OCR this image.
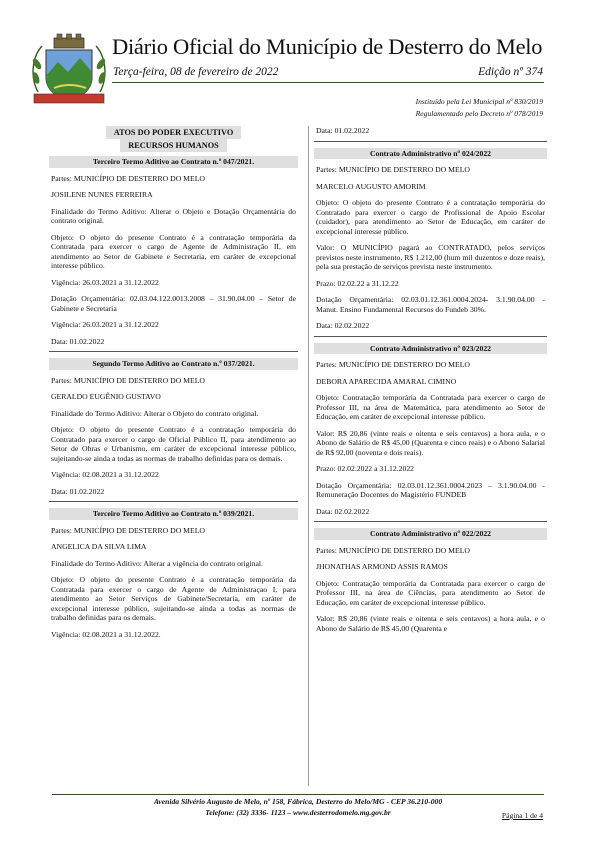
Diário Oficial do Município de Desterro do Melo
Terça-feira, 08 de fevereiro de 2022	Edição nº 374
Instituído pela Lei Municipal nº 830/2019
Regulamentado pelo Decreto nº 078/2019
ATOS DO PODER EXECUTIVO
RECURSOS HUMANOS
Terceiro Termo Aditivo ao Contrato n.º 047/2021.

Partes: MUNICÍPIO DE DESTERRO DO MELO

JOSILENE NUNES FERREIRA

Finalidade do Termo Aditivo: Alterar o Objeto e Dotação Orçamentária do contrato original.

Objeto: O objeto do presente Contrato é a contratação temporária da Contratada para exercer o cargo de Agente de Administração II, em atendimento ao Setor de Gabinete e Secretaria, em caráter de excepcional interesse público.

Vigência: 26.03.2021 a 31.12.2022

Dotação Orçamentária: 02.03.04.122.0013.2008 – 31.90.04.00 – Setor de Gabinete e Secretaria

Vigência: 26.03.2021 a 31.12.2022

Data: 01.02.2022

Segundo Termo Aditivo ao Contrato n.º 037/2021.

Partes: MUNICÍPIO DE DESTERRO DO MELO

GERALDO EUGÊNIO GUSTAVO

Finalidade do Termo Aditivo: Alterar o Objeto do contrato original.

Objeto: O objeto do presente Contrato é a contratação temporária do Contratado para exercer o cargo de Oficial Público II, para atendimento ao Setor de Obras e Urbanismo, em caráter de excepcional interesse público, sujeitando-se ainda a todas as normas de trabalho definidas para os demais.

Vigência: 02.08.2021 a 31.12.2022

Data: 01.02.2022

Terceiro Termo Aditivo ao Contrato n.º 039/2021.

Partes: MUNICÍPIO DE DESTERRO DO MELO

ANGELICA DA SILVA LIMA

Finalidade do Termo Aditivo: Alterar a vigência do contrato original.

Objeto: O objeto do presente Contrato é a contratação temporária da Contratada para exercer o cargo de Agente de Administraçao I, para atendimento ao Setor Serviços de Gabinete/Secretaria, em caráter de excepcional interesse público, sujeitando-se ainda a todas as normas de trabalho definidas para os demais.

Vigência: 02.08.2021 a 31.12.2022.

Data: 01.02.2022

Contrato Administrativo nº 024/2022

Partes: MUNICÍPIO DE DESTERRO DO MELO

MARCELO AUGUSTO AMORIM

Objeto: O objeto do presente Contrato é a contratação temporária do Contratado para exercer o cargo de Profissional de Apoio Escolar (cuidador), para atendimento ao Setor de Educação, em caráter de excepcional interesse público.

Valor: O MUNICÍPIO pagará ao CONTRATADO, pelos serviços previstos neste instrumento, R$ 1.212,00 (hum mil duzentos e doze reais), pela sua prestação de serviços prevista neste instrumento.

Prazo: 02.02.22 a 31.12.22

Dotação Orçamentária: 02.03.01.12.361.0004.2024- 3.1.90.04.00 - Manut. Ensino Fundamental Recursos do Fundeb 30%.

Data: 02.02.2022

Contrato Administrativo nº 023/2022

Partes: MUNICÍPIO DE DESTERRO DO MELO

DEBORA APARECIDA AMARAL CIMINO

Objeto: Contratação temporária da Contratada para exercer o cargo de Professor III, na área de Matemática, para atendimento ao Setor de Educação, em caráter de excepcional interesse público.

Valor: R$ 20,86 (vinte reais e oitenta e seis centavos) a hora aula, e o Abono de Salário de R$ 45,00 (Quarenta e cinco reais) e o Abono Salarial de R$ 92,00 (noventa e dois reais).

Prazo: 02.02.2022 a 31.12.2022

Dotação Orçamentária: 02.03.01.12.361.0004.2023 – 3.1.90.04.00 - Remuneração Docentes do Magistério FUNDEB

Data: 02.02.2022

Contrato Administrativo nº 022/2022

Partes: MUNICÍPIO DE DESTERRO DO MELO

JHONATHAS ARMOND ASSIS RAMOS

Objeto: Contratação temporária da Contratada para exercer o cargo de Professor III, na área de Ciências, para atendimento ao Setor de Educação, em caráter de excepcional interesse público.

Valor: R$ 20,86 (vinte reais e oitenta e seis centavos) a hora aula, e o Abono de Salário de R$ 45,00 (Quarenta e

Avenida Silvério Augusto de Melo, nº 158, Fábrica, Desterro do Melo/MG - CEP 36.210-000
Telefone: (32) 3336- 1123 – www.desterrodomelo.mg.gov.br	Página 1 de 4
